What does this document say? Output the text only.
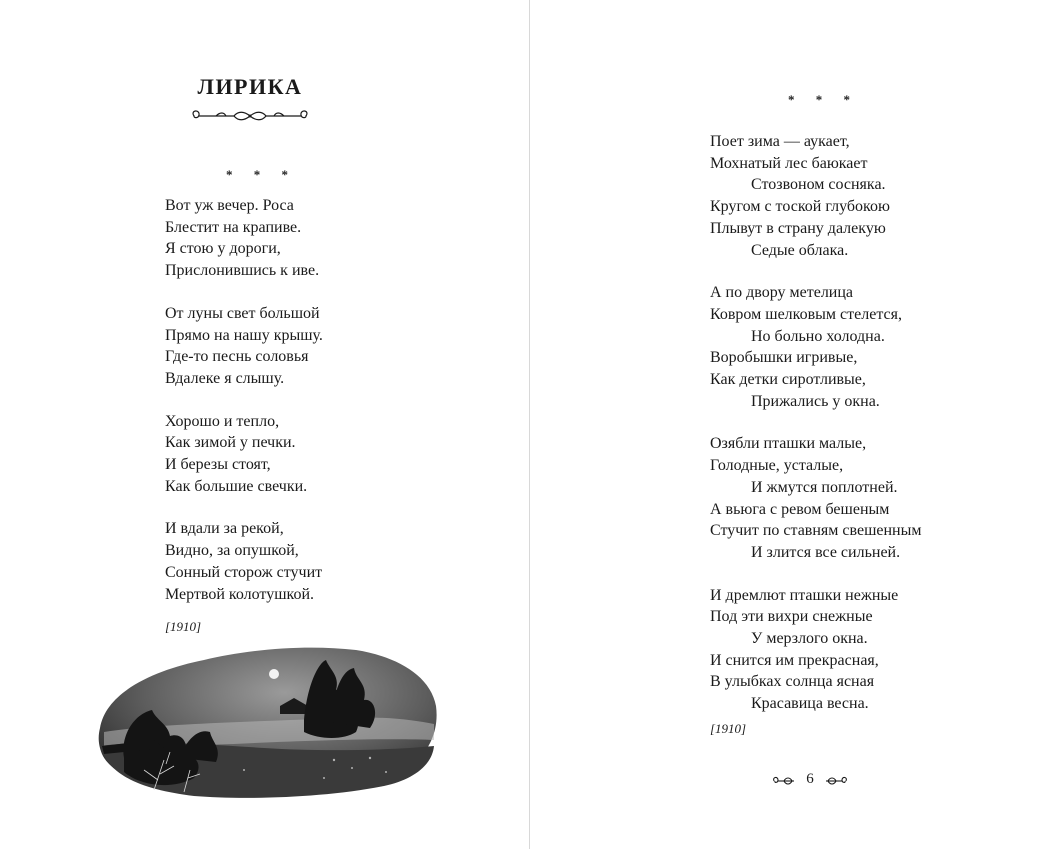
ЛИРИКА
* * *
Вот уж вечер. Роса
Блестит на крапиве.
Я стою у дороги,
Прислонившись к иве.
От луны свет большой
Прямо на нашу крышу.
Где-то песнь соловья
Вдалеке я слышу.
Хорошо и тепло,
Как зимой у печки.
И березы стоят,
Как большие свечки.
И вдали за рекой,
Видно, за опушкой,
Сонный сторож стучит
Мертвой колотушкой.
[1910]
* * *
Поет зима — аукает,
Мохнатый лес баюкает
Стозвоном сосняка.
Кругом с тоской глубокою
Плывут в страну далекую
Седые облака.
А по двору метелица
Ковром шелковым стелется,
Но больно холодна.
Воробышки игривые,
Как детки сиротливые,
Прижались у окна.
Озябли пташки малые,
Голодные, усталые,
И жмутся поплотней.
А вьюга с ревом бешеным
Стучит по ставням свешенным
И злится все сильней.
И дремлют пташки нежные
Под эти вихри снежные
У мерзлого окна.
И снится им прекрасная,
В улыбках солнца ясная
Красавица весна.
[1910]
6
